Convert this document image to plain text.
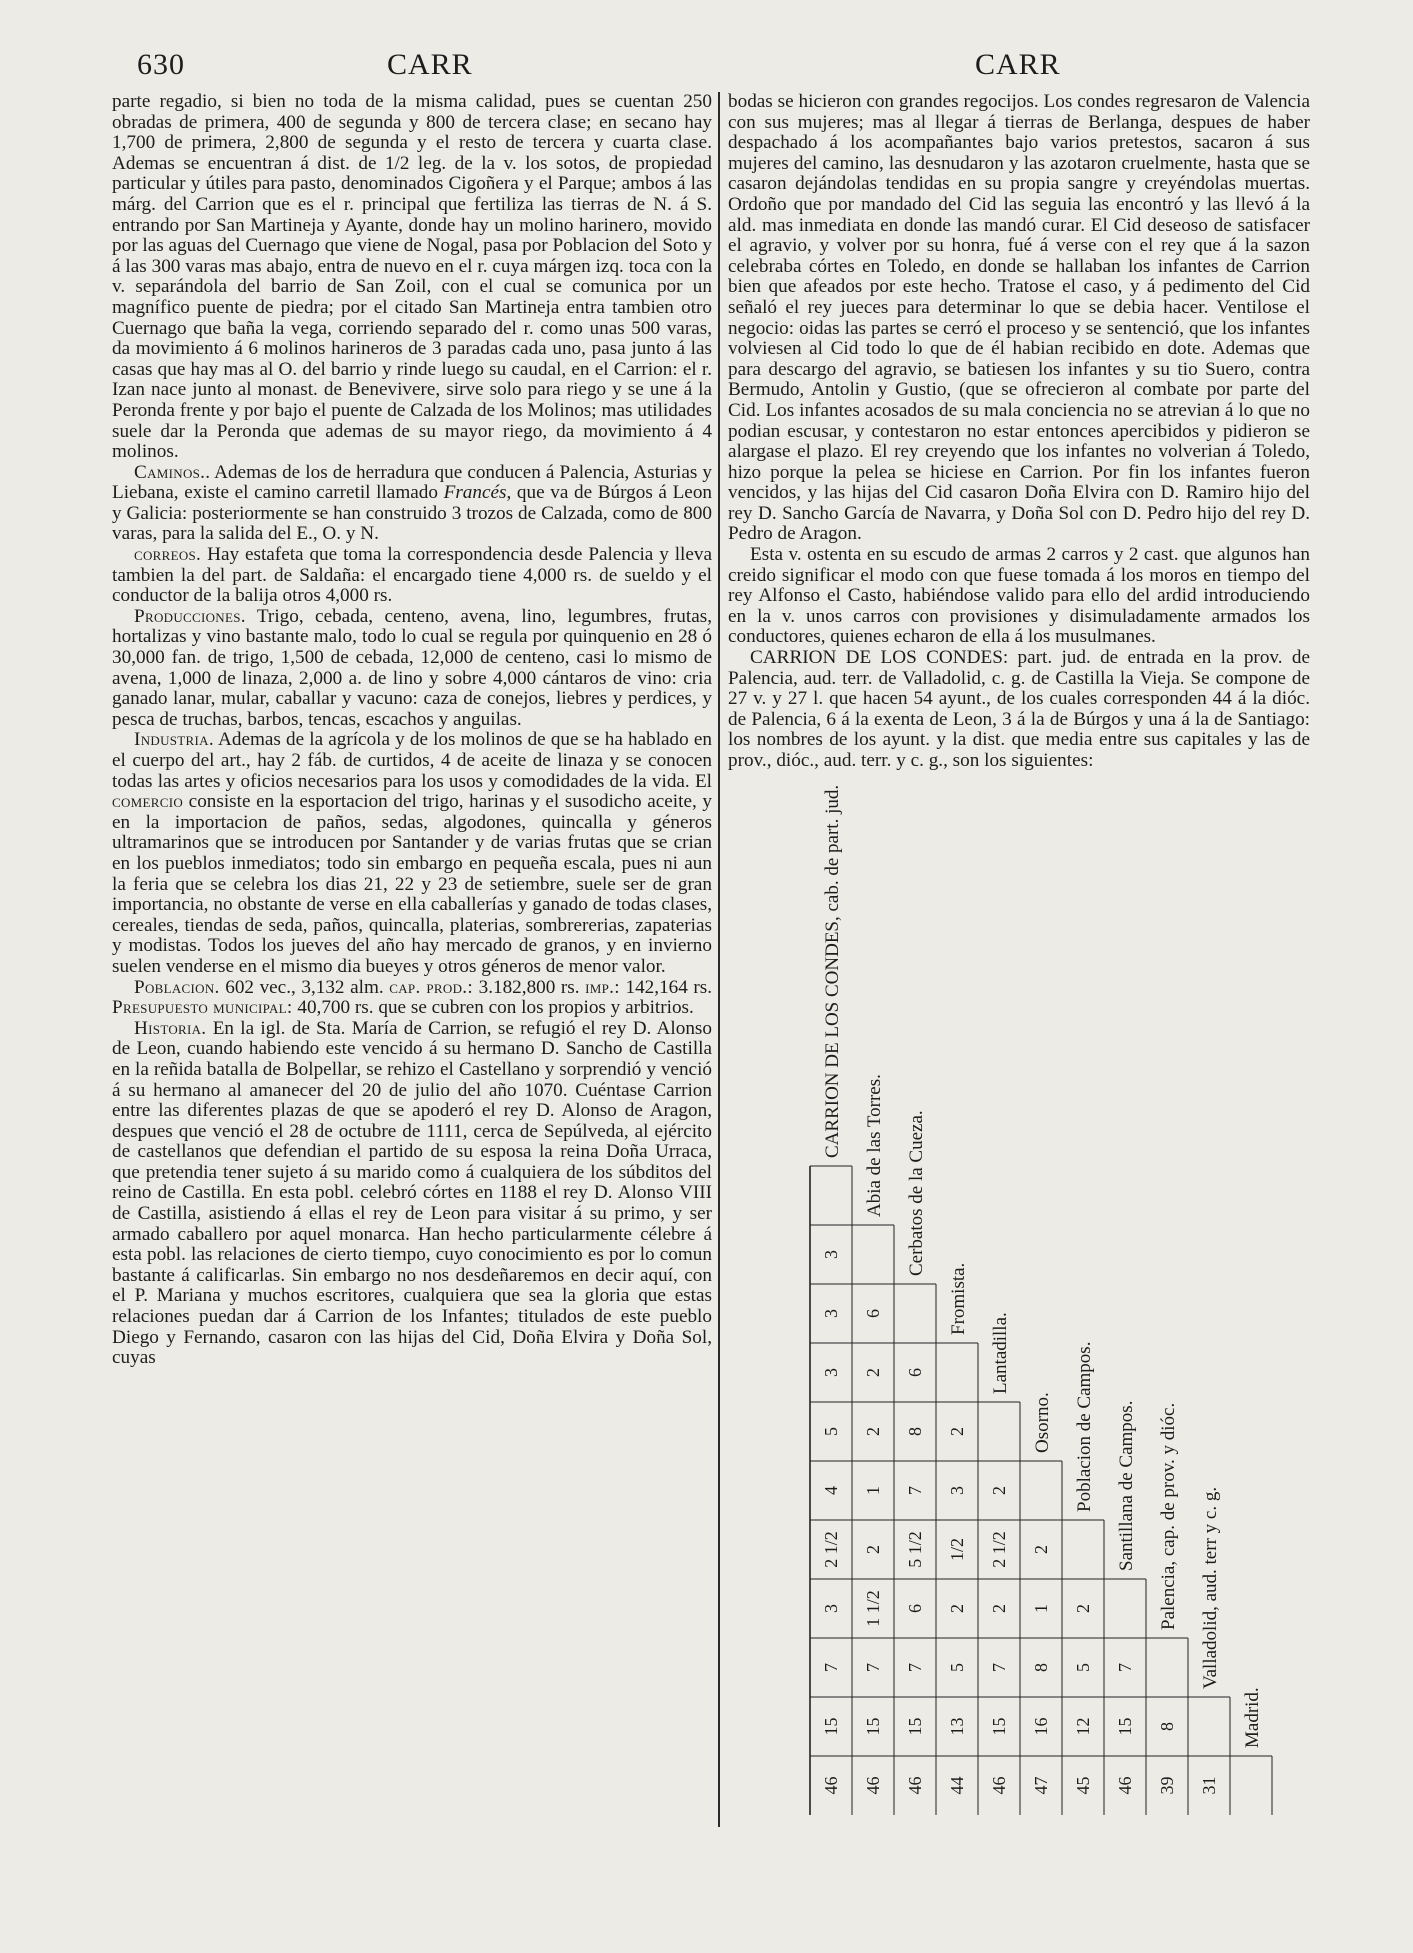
630	CARR	CARR

parte regadio, si bien no toda de la misma calidad, pues se cuentan 250 obradas de primera, 400 de segunda y 800 de tercera clase; en secano hay 1,700 de primera, 2,800 de segunda y el resto de tercera y cuarta clase. Ademas se encuentran á dist. de 1/2 leg. de la v. los sotos, de propiedad particular y útiles para pasto, denominados Cigoñera y el Parque; ambos á las márg. del Carrion que es el r. principal que fertiliza las tierras de N. á S. entrando por San Martineja y Ayante, donde hay un molino harinero, movido por las aguas del Cuernago que viene de Nogal, pasa por Poblacion del Soto y á las 300 varas mas abajo, entra de nuevo en el r. cuya márgen izq. toca con la v. separándola del barrio de San Zoil, con el cual se comunica por un magnífico puente de piedra; por el citado San Martineja entra tambien otro Cuernago que baña la vega, corriendo separado del r. como unas 500 varas, da movimiento á 6 molinos harineros de 3 paradas cada uno, pasa junto á las casas que hay mas al O. del barrio y rinde luego su caudal, en el Carrion: el r. Izan nace junto al monast. de Benevivere, sirve solo para riego y se une á la Peronda frente y por bajo el puente de Calzada de los Molinos; mas utilidades suele dar la Peronda que ademas de su mayor riego, da movimiento á 4 molinos.

Caminos.. Ademas de los de herradura que conducen á Palencia, Asturias y Liebana, existe el camino carretil llamado Francés, que va de Búrgos á Leon y Galicia: posteriormente se han construido 3 trozos de Calzada, como de 800 varas, para la salida del E., O. y N.

correos. Hay estafeta que toma la correspondencia desde Palencia y lleva tambien la del part. de Saldaña: el encargado tiene 4,000 rs. de sueldo y el conductor de la balija otros 4,000 rs.

Producciones. Trigo, cebada, centeno, avena, lino, legumbres, frutas, hortalizas y vino bastante malo, todo lo cual se regula por quinquenio en 28 ó 30,000 fan. de trigo, 1,500 de cebada, 12,000 de centeno, casi lo mismo de avena, 1,000 de linaza, 2,000 a. de lino y sobre 4,000 cántaros de vino: cria ganado lanar, mular, caballar y vacuno: caza de conejos, liebres y perdices, y pesca de truchas, barbos, tencas, escachos y anguilas.

Industria. Ademas de la agrícola y de los molinos de que se ha hablado en el cuerpo del art., hay 2 fáb. de curtidos, 4 de aceite de linaza y se conocen todas las artes y oficios necesarios para los usos y comodidades de la vida. El comercio consiste en la esportacion del trigo, harinas y el susodicho aceite, y en la importacion de paños, sedas, algodones, quincalla y géneros ultramarinos que se introducen por Santander y de varias frutas que se crian en los pueblos inmediatos; todo sin embargo en pequeña escala, pues ni aun la feria que se celebra los dias 21, 22 y 23 de setiembre, suele ser de gran importancia, no obstante de verse en ella caballerías y ganado de todas clases, cereales, tiendas de seda, paños, quincalla, platerias, sombrererias, zapaterias y modistas. Todos los jueves del año hay mercado de granos, y en invierno suelen venderse en el mismo dia bueyes y otros géneros de menor valor.

Poblacion. 602 vec., 3,132 alm. cap. prod.: 3.182,800 rs. imp.: 142,164 rs. Presupuesto municipal: 40,700 rs. que se cubren con los propios y arbitrios.

Historia. En la igl. de Sta. María de Carrion, se refugió el rey D. Alonso de Leon, cuando habiendo este vencido á su hermano D. Sancho de Castilla en la reñida batalla de Bolpellar, se rehizo el Castellano y sorprendió y venció á su hermano al amanecer del 20 de julio del año 1070. Cuéntase Carrion entre las diferentes plazas de que se apoderó el rey D. Alonso de Aragon, despues que venció el 28 de octubre de 1111, cerca de Sepúlveda, al ejército de castellanos que defendian el partido de su esposa la reina Doña Urraca, que pretendia tener sujeto á su marido como á cualquiera de los súbditos del reino de Castilla. En esta pobl. celebró córtes en 1188 el rey D. Alonso VIII de Castilla, asistiendo á ellas el rey de Leon para visitar á su primo, y ser armado caballero por aquel monarca. Han hecho particularmente célebre á esta pobl. las relaciones de cierto tiempo, cuyo conocimiento es por lo comun bastante á calificarlas. Sin embargo no nos desdeñaremos en decir aquí, con el P. Mariana y muchos escritores, cualquiera que sea la gloria que estas relaciones puedan dar á Carrion de los Infantes; titulados de este pueblo Diego y Fernando, casaron con las hijas del Cid, Doña Elvira y Doña Sol, cuyas

bodas se hicieron con grandes regocijos. Los condes regresaron de Valencia con sus mujeres; mas al llegar á tierras de Berlanga, despues de haber despachado á los acompañantes bajo varios pretestos, sacaron á sus mujeres del camino, las desnudaron y las azotaron cruelmente, hasta que se casaron dejándolas tendidas en su propia sangre y creyéndolas muertas. Ordoño que por mandado del Cid las seguia las encontró y las llevó á la ald. mas inmediata en donde las mandó curar. El Cid deseoso de satisfacer el agravio, y volver por su honra, fué á verse con el rey que á la sazon celebraba córtes en Toledo, en donde se hallaban los infantes de Carrion bien que afeados por este hecho. Tratose el caso, y á pedimento del Cid señaló el rey jueces para determinar lo que se debia hacer. Ventilose el negocio: oidas las partes se cerró el proceso y se sentenció, que los infantes volviesen al Cid todo lo que de él habian recibido en dote. Ademas que para descargo del agravio, se batiesen los infantes y su tio Suero, contra Bermudo, Antolin y Gustio, (que se ofrecieron al combate por parte del Cid. Los infantes acosados de su mala conciencia no se atrevian á lo que no podian escusar, y contestaron no estar entonces apercibidos y pidieron se alargase el plazo. El rey creyendo que los infantes no volverian á Toledo, hizo porque la pelea se hiciese en Carrion. Por fin los infantes fueron vencidos, y las hijas del Cid casaron Doña Elvira con D. Ramiro hijo del rey D. Sancho García de Navarra, y Doña Sol con D. Pedro hijo del rey D. Pedro de Aragon.

Esta v. ostenta en su escudo de armas 2 carros y 2 cast. que algunos han creido significar el modo con que fuese tomada á los moros en tiempo del rey Alfonso el Casto, habiéndose valido para ello del ardid introduciendo en la v. unos carros con provisiones y disimuladamente armados los conductores, quienes echaron de ella á los musulmanes.

CARRION DE LOS CONDES: part. jud. de entrada en la prov. de Palencia, aud. terr. de Valladolid, c. g. de Castilla la Vieja. Se compone de 27 v. y 27 l. que hacen 54 ayunt., de los cuales corresponden 44 á la dióc. de Palencia, 6 á la exenta de Leon, 3 á la de Búrgos y una á la de Santiago: los nombres de los ayunt. y la dist. que media entre sus capitales y las de prov., dióc., aud. terr. y c. g., son los siguientes:

CARRION DE LOS CONDES, cab. de part. jud. Abia de las Torres. Cerbatos de la Cueza.
Fromista.
Lantadilla.
Osorno. Poblacion de Campos. Santillana de Campos. Palencia, cap. de prov. y dióc. Valladolid, aud. terr y c. g.
Madrid.
3
3 6
3 2 6
5 2 8 2
4 1 7 3 2
2 1/2 2 5 1/2 1/2 2 1/2 2
3 1 1/2 6 2 2 1 2
7 7 7 5 7 8 5 7
15 15 15 13 15 16 12 15 8
46 46 46 44 46 47 45 46 39 31
